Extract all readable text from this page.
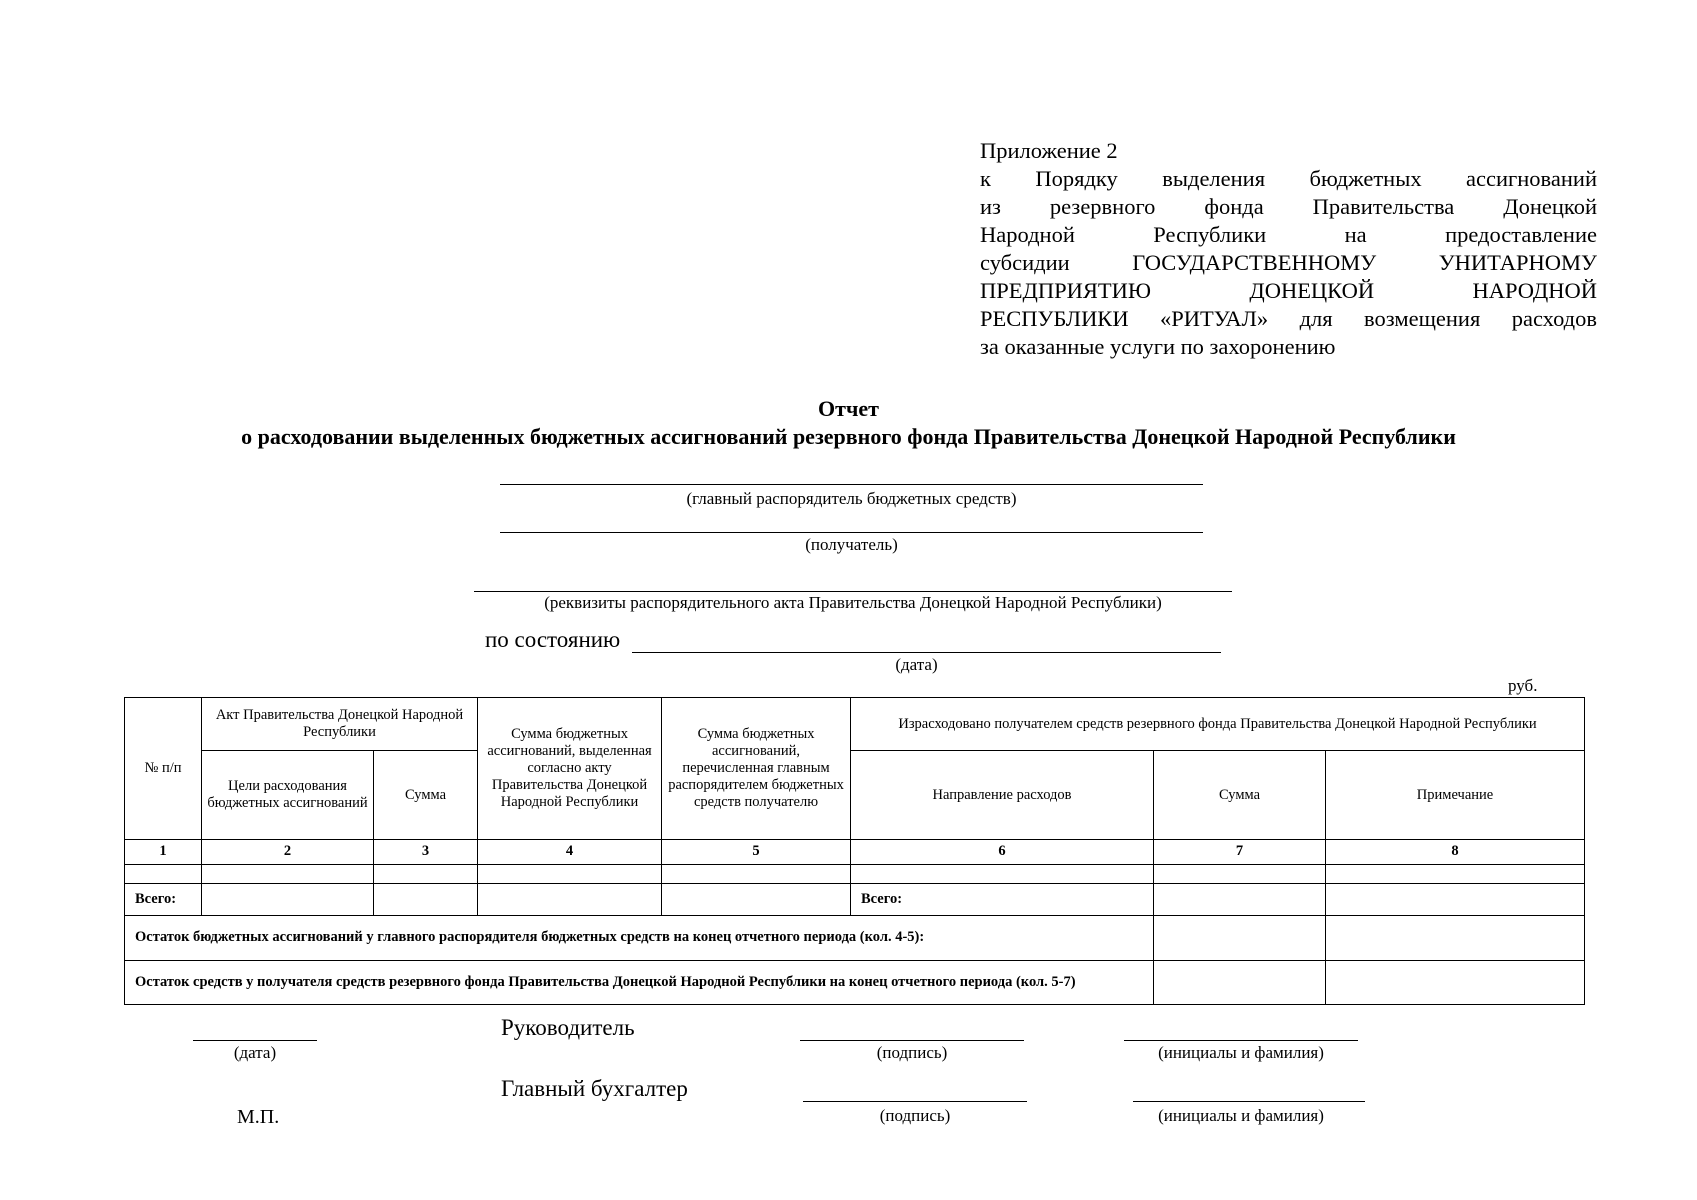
Приложение 2
к Порядку выделения бюджетных ассигнований
из резервного фонда Правительства Донецкой
Народной Республики на предоставление
субсидии ГОСУДАРСТВЕННОМУ УНИТАРНОМУ
ПРЕДПРИЯТИЮ ДОНЕЦКОЙ НАРОДНОЙ
РЕСПУБЛИКИ «РИТУАЛ» для возмещения расходов
за оказанные услуги по захоронению
Отчет
о расходовании выделенных бюджетных ассигнований резервного фонда Правительства Донецкой Народной Республики
(главный распорядитель бюджетных средств)
(получатель)
(реквизиты распорядительного акта Правительства Донецкой Народной Республики)
по состоянию
(дата)
руб.
№ п/п	Акт Правительства Донецкой Народной Республики		Сумма бюджетных ассигнований, выделенная согласно акту Правительства Донецкой Народной Республики	Сумма бюджетных ассигнований, перечисленная главным распорядителем бюджетных средств получателю	Израсходовано получателем средств резервного фонда Правительства Донецкой Народной Республики		
	Цели расходования бюджетных ассигнований	Сумма			Направление расходов	Сумма	Примечание
1	2	3	4	5	6	7	8

Всего:					Всего:		
Остаток бюджетных ассигнований у главного распорядителя бюджетных средств на конец отчетного периода (кол. 4-5):							
Остаток средств у получателя средств резервного фонда Правительства Донецкой Народной Республики на конец отчетного периода (кол. 5-7)							
(дата)
Руководитель
(подпись)	(инициалы и фамилия)
Главный бухгалтер
(подпись)	(инициалы и фамилия)
М.П.
